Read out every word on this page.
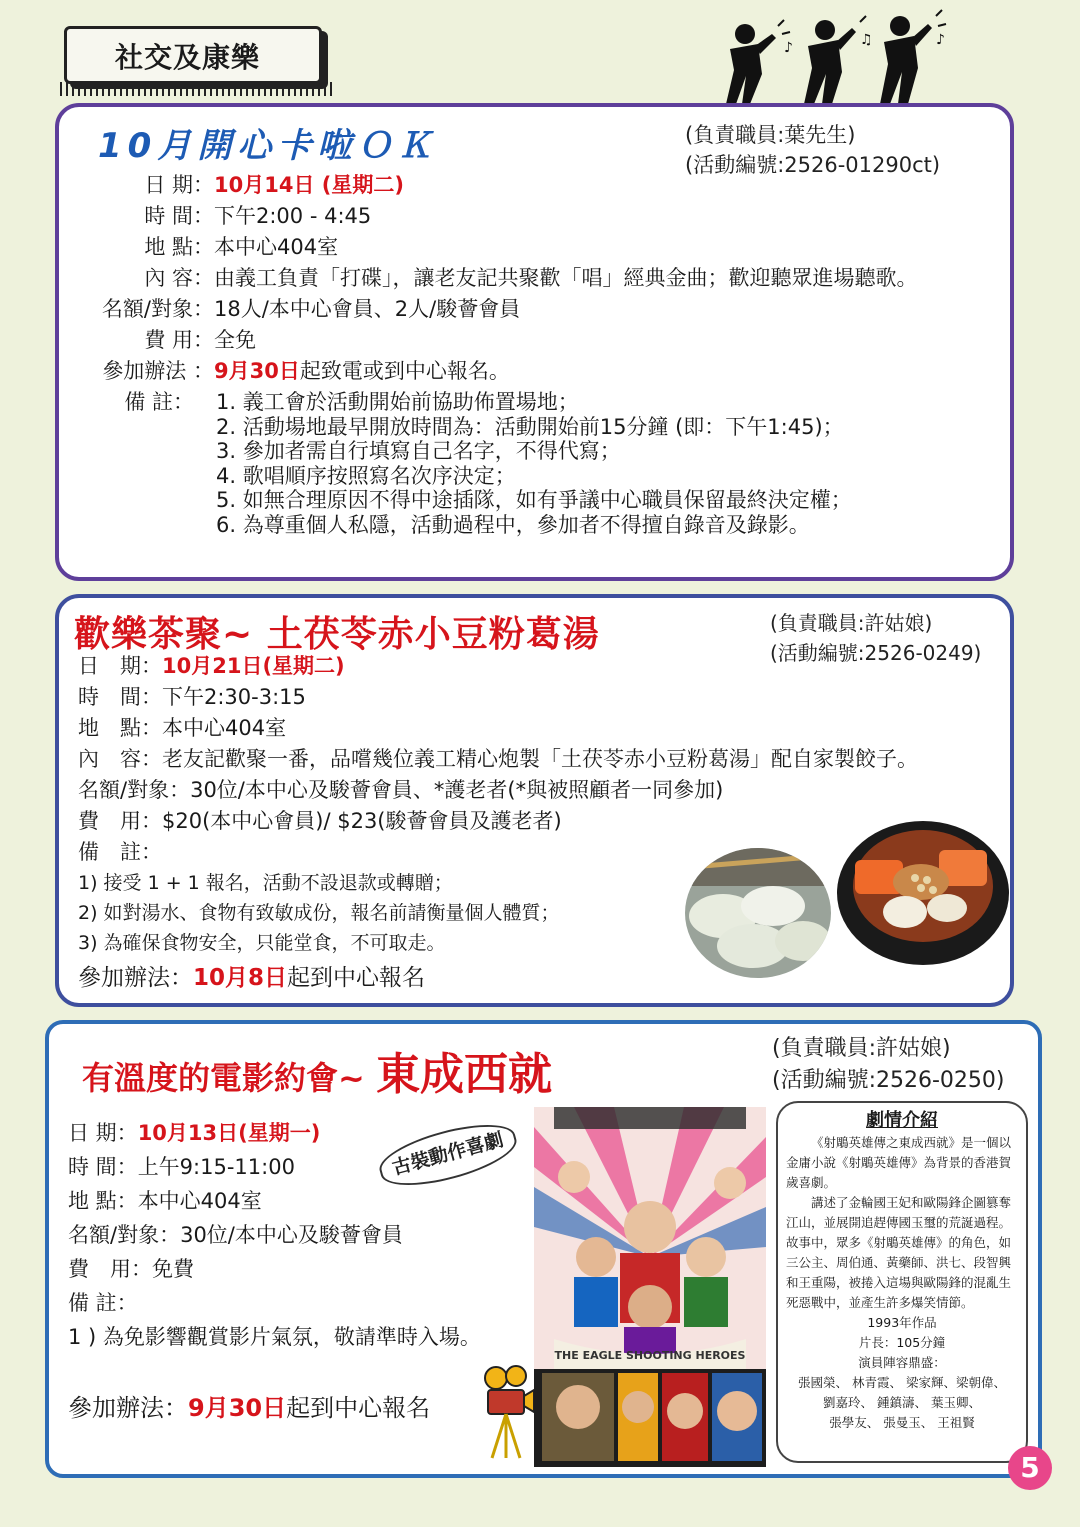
社交及康樂	♪	♫	♪
10月開心卡啦ＯＫ	(負責職員:葉先生)
(活動編號:2526-01290ct)
日 期：10月14日 (星期二)
時 間：下午2:00 - 4:45
地 點：本中心404室
內 容：由義工負責「打碟」，讓老友記共聚歡「唱」經典金曲；歡迎聽眾進場聽歌。
名額/對象：18人/本中心會員、2人/駿薈會員
費 用：全免
參加辦法 ：9月30日起致電或到中心報名。
備 註：	1. 義工會於活動開始前協助佈置場地；
2. 活動場地最早開放時間為：活動開始前15分鐘 (即：下午1:45)；
3. 參加者需自行填寫自己名字，不得代寫；
4. 歌唱順序按照寫名次序決定；
5. 如無合理原因不得中途插隊，如有爭議中心職員保留最終決定權；
6. 為尊重個人私隱，活動過程中，參加者不得擅自錄音及錄影。
歡樂茶聚~ 土茯苓赤小豆粉葛湯	(負責職員:許姑娘)
(活動編號:2526-0249)
日　期：10月21日(星期二)
時　間：下午2:30-3:15
地　點：本中心404室
內　容：老友記歡聚一番，品嚐幾位義工精心炮製「土茯苓赤小豆粉葛湯」配自家製餃子。
名額/對象：30位/本中心及駿薈會員、*護老者(*與被照顧者一同參加)
費　用：$20(本中心會員)/ $23(駿薈會員及護老者)
備　註：
1) 接受 1 + 1 報名，活動不設退款或轉贈；
2) 如對湯水、食物有致敏成份，報名前請衡量個人體質；
3) 為確保食物安全，只能堂食，不可取走。
參加辦法：10月8日起到中心報名
有溫度的電影約會~ 東成西就
(負責職員:許姑娘)
(活動編號:2526-0250)
日 期：10月13日(星期一)
時 間：上午9:15-11:00
地 點：本中心404室
名額/對象：30位/本中心及駿薈會員
費　用：免費
備 註：
1 ) 為免影響觀賞影片氣氛，敬請準時入場。
參加辦法：9月30日起到中心報名
古裝動作喜劇
THE EAGLE SHOOTING HEROES
劇情介紹
《射鵰英雄傳之東成西就》是一個以金庸小說《射鵰英雄傳》為背景的香港賀歲喜劇。
講述了金輪國王妃和歐陽鋒企圖篡奪江山，並展開追趕傳國玉璽的荒誕過程。 故事中，眾多《射鵰英雄傳》的角色，如三公主、周伯通、黃藥師、洪七、段智興和王重陽，被捲入這場與歐陽鋒的混亂生死惡戰中，並產生許多爆笑情節。
1993年作品
片長：105分鐘
演員陣容鼎盛：
張國榮、 林青霞、 梁家輝、梁朝偉、
劉嘉玲、 鍾鎮濤、 葉玉卿、
張學友、 張曼玉、 王祖賢
5
